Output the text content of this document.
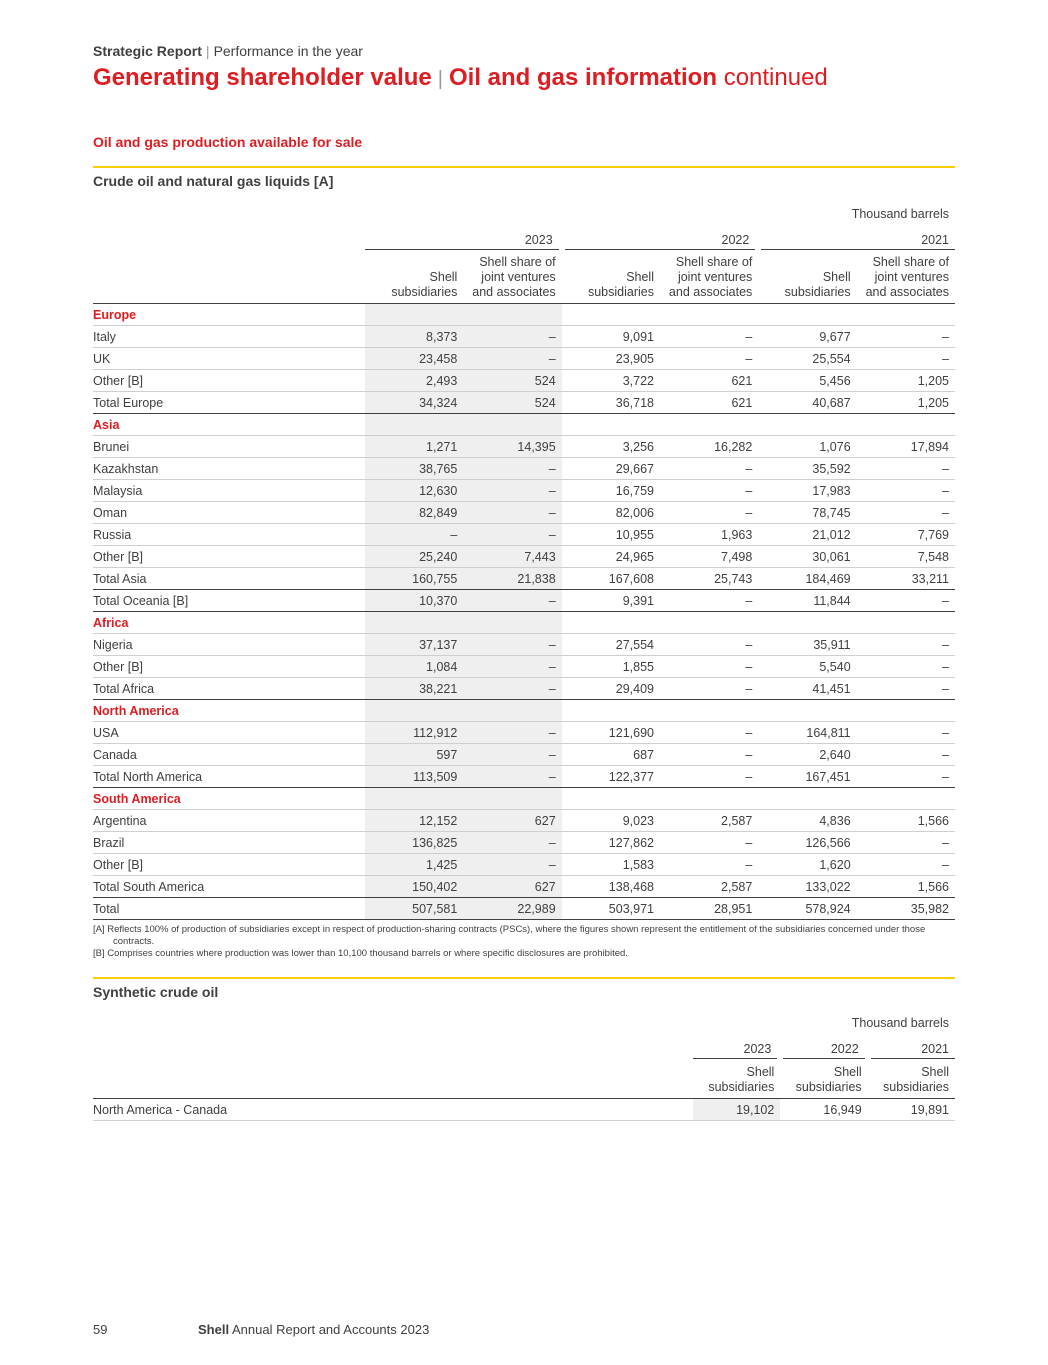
Strategic Report | Performance in the year
Generating shareholder value | Oil and gas information continued
Oil and gas production available for sale
Crude oil and natural gas liquids [A]
Thousand barrels						
	2023		2022		2021	
	Shell subsidiaries	Shell share of joint ventures and associates	Shell subsidiaries	Shell share of joint ventures and associates	Shell subsidiaries	Shell share of joint ventures and associates
Europe						
Italy	8,373	–	9,091	–	9,677	–
UK	23,458	–	23,905	–	25,554	–
Other [B]	2,493	524	3,722	621	5,456	1,205
Total Europe	34,324	524	36,718	621	40,687	1,205
Asia						
Brunei	1,271	14,395	3,256	16,282	1,076	17,894
Kazakhstan	38,765	–	29,667	–	35,592	–
Malaysia	12,630	–	16,759	–	17,983	–
Oman	82,849	–	82,006	–	78,745	–
Russia	–	–	10,955	1,963	21,012	7,769
Other [B]	25,240	7,443	24,965	7,498	30,061	7,548
Total Asia	160,755	21,838	167,608	25,743	184,469	33,211
Total Oceania [B]	10,370	–	9,391	–	11,844	–
Africa						
Nigeria	37,137	–	27,554	–	35,911	–
Other [B]	1,084	–	1,855	–	5,540	–
Total Africa	38,221	–	29,409	–	41,451	–
North America						
USA	112,912	–	121,690	–	164,811	–
Canada	597	–	687	–	2,640	–
Total North America	113,509	–	122,377	–	167,451	–
South America						
Argentina	12,152	627	9,023	2,587	4,836	1,566
Brazil	136,825	–	127,862	–	126,566	–
Other [B]	1,425	–	1,583	–	1,620	–
Total South America	150,402	627	138,468	2,587	133,022	1,566
Total	507,581	22,989	503,971	28,951	578,924	35,982
[A] Reflects 100% of production of subsidiaries except in respect of production-sharing contracts (PSCs), where the figures shown represent the entitlement of the subsidiaries concerned under those contracts.
[B] Comprises countries where production was lower than 10,100 thousand barrels or where specific disclosures are prohibited.
Synthetic crude oil
Thousand barrels			
	2023	2022	2021
	Shell subsidiaries	Shell subsidiaries	Shell subsidiaries
North America - Canada	19,102	16,949	19,891
59	Shell Annual Report and Accounts 2023
